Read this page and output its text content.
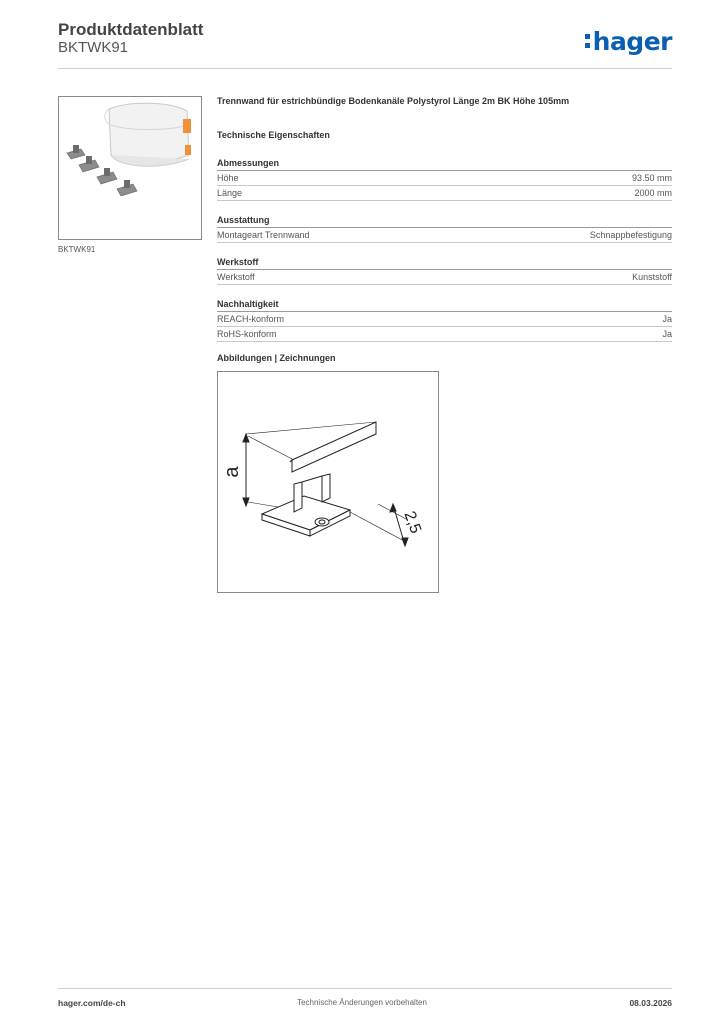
Produktdatenblatt
BKTWK91	hager
BKTWK91
Trennwand für estrichbündige Bodenkanäle Polystyrol Länge 2m BK Höhe 105mm
Technische Eigenschaften
Abmessungen
Höhe	93.50 mm
Länge	2000 mm
Ausstattung
Montageart Trennwand	Schnappbefestigung
Werkstoff
Werkstoff	Kunststoff
Nachhaltigkeit
REACH-konform	Ja
RoHS-konform	Ja
Abbildungen | Zeichnungen
a
2,5
hager.com/de-ch	Technische Änderungen vorbehalten	08.03.2026
